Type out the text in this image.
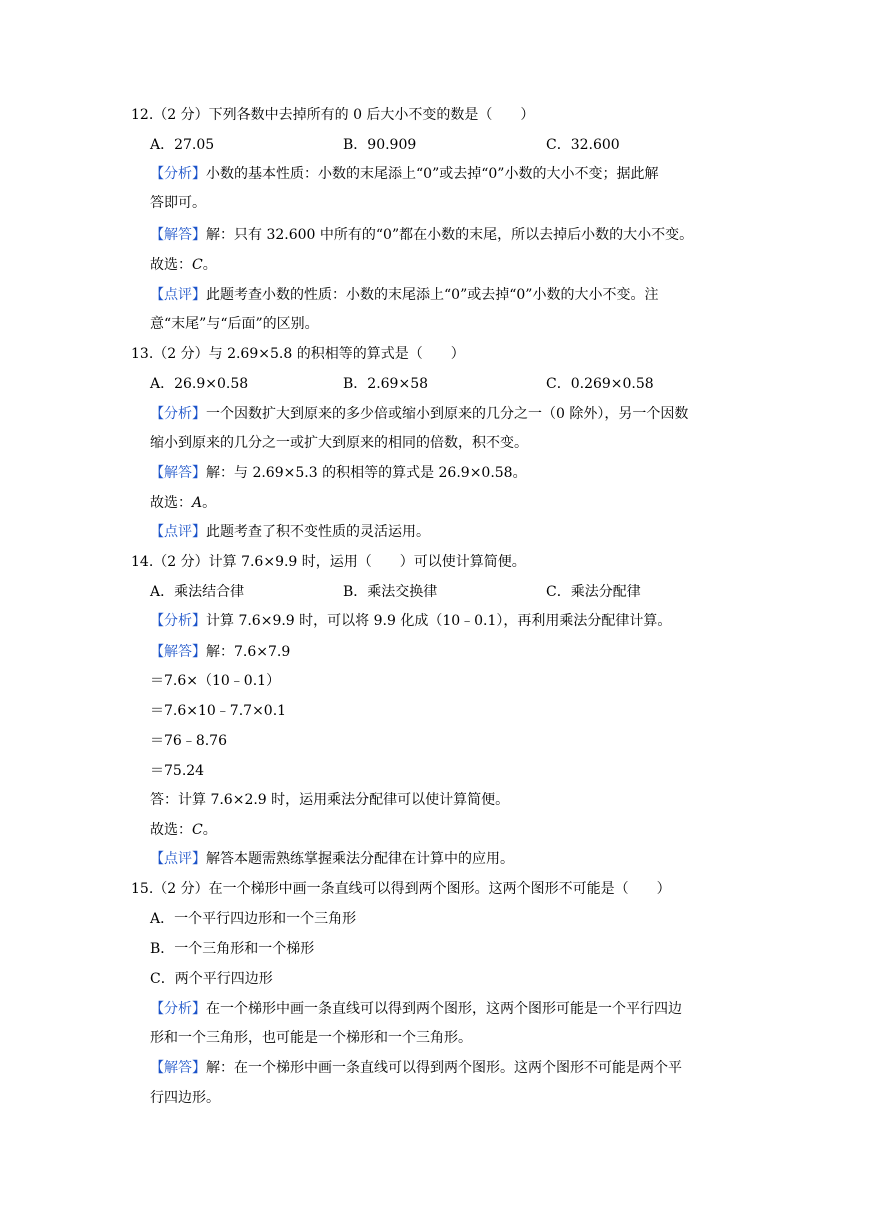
12.（2 分）下列各数中去掉所有的 0 后大小不变的数是（　　）
A．27.05	B．90.909	C．32.600
【分析】小数的基本性质：小数的末尾添上“0”或去掉“0”小数的大小不变；据此解
答即可。
【解答】解：只有 32.600 中所有的“0”都在小数的末尾，所以去掉后小数的大小不变。
故选：C。
【点评】此题考查小数的性质：小数的末尾添上“0”或去掉“0”小数的大小不变。注
意“末尾”与“后面”的区别。
13.（2 分）与 2.69×5.8 的积相等的算式是（　　）
A．26.9×0.58	B．2.69×58	C．0.269×0.58
【分析】一个因数扩大到原来的多少倍或缩小到原来的几分之一（0 除外），另一个因数
缩小到原来的几分之一或扩大到原来的相同的倍数，积不变。
【解答】解：与 2.69×5.3 的积相等的算式是 26.9×0.58。
故选：A。
【点评】此题考查了积不变性质的灵活运用。
14.（2 分）计算 7.6×9.9 时，运用（　　）可以使计算简便。
A．乘法结合律	B．乘法交换律	C．乘法分配律
【分析】计算 7.6×9.9 时，可以将 9.9 化成（10﹣0.1），再利用乘法分配律计算。
【解答】解：7.6×7.9
＝7.6×（10﹣0.1）
＝7.6×10﹣7.7×0.1
＝76﹣8.76
＝75.24
答：计算 7.6×2.9 时，运用乘法分配律可以使计算简便。
故选：C。
【点评】解答本题需熟练掌握乘法分配律在计算中的应用。
15.（2 分）在一个梯形中画一条直线可以得到两个图形。这两个图形不可能是（　　）
A．一个平行四边形和一个三角形
B．一个三角形和一个梯形
C．两个平行四边形
【分析】在一个梯形中画一条直线可以得到两个图形，这两个图形可能是一个平行四边
形和一个三角形，也可能是一个梯形和一个三角形。
【解答】解：在一个梯形中画一条直线可以得到两个图形。这两个图形不可能是两个平
行四边形。
